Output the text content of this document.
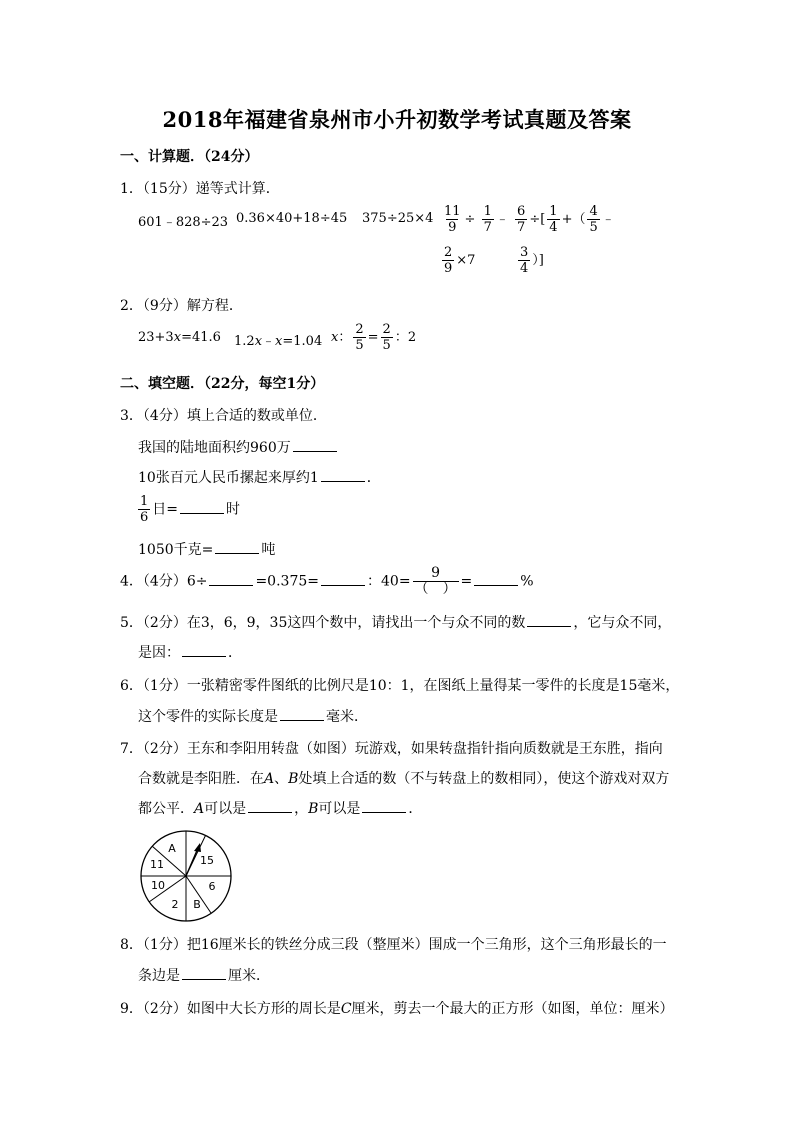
2018年福建省泉州市小升初数学考试真题及答案
一、计算题．（24分）
1．（15分）递等式计算．
601﹣828÷23 0.36×40+18÷45 $375\div 25\times 4 \frac{11}{9} \div \frac{1}{7}$ ﹣ $\frac{6}{7}$ ÷[ $\frac{1}{4}$ +（ $\frac{4}{5}$ ﹣
$\frac{2}{9} \times 7$	$\frac{3}{4}$ ）]
2．（9分）解方程．
23+3x=41.6 1.2x﹣x=1.04 x： $\frac{2}{5} = \frac{2}{5}$ ：2
二、填空题．（22分，每空1分）
3．（4分）填上合适的数或单位．
我国的陆地面积约960万
10张百元人民币摞起来厚约1	．
$\frac{1}{6}$ 日=	时
1050千克=	吨
4．（4分）6÷	=0.375=	：$40= \frac{9}{( )}$ =	%
5．（2分）在3，6，9，35这四个数中，请找出一个与众不同的数	，它与众不同，
是因：	．
6．（1分）一张精密零件图纸的比例尺是10：1，在图纸上量得某一零件的长度是15毫米，
这个零件的实际长度是	毫米．
7．（2分）王东和李阳用转盘（如图）玩游戏，如果转盘指针指向质数就是王东胜，指向
合数就是李阳胜．在A、B处填上合适的数（不与转盘上的数相同），使这个游戏对双方
都公平．A可以是	，B可以是	．
A
15
6
B
2
10
11
8．（1分）把16厘米长的铁丝分成三段（整厘米）围成一个三角形，这个三角形最长的一
条边是	厘米．
9．（2分）如图中大长方形的周长是C厘米，剪去一个最大的正方形（如图，单位：厘米）
